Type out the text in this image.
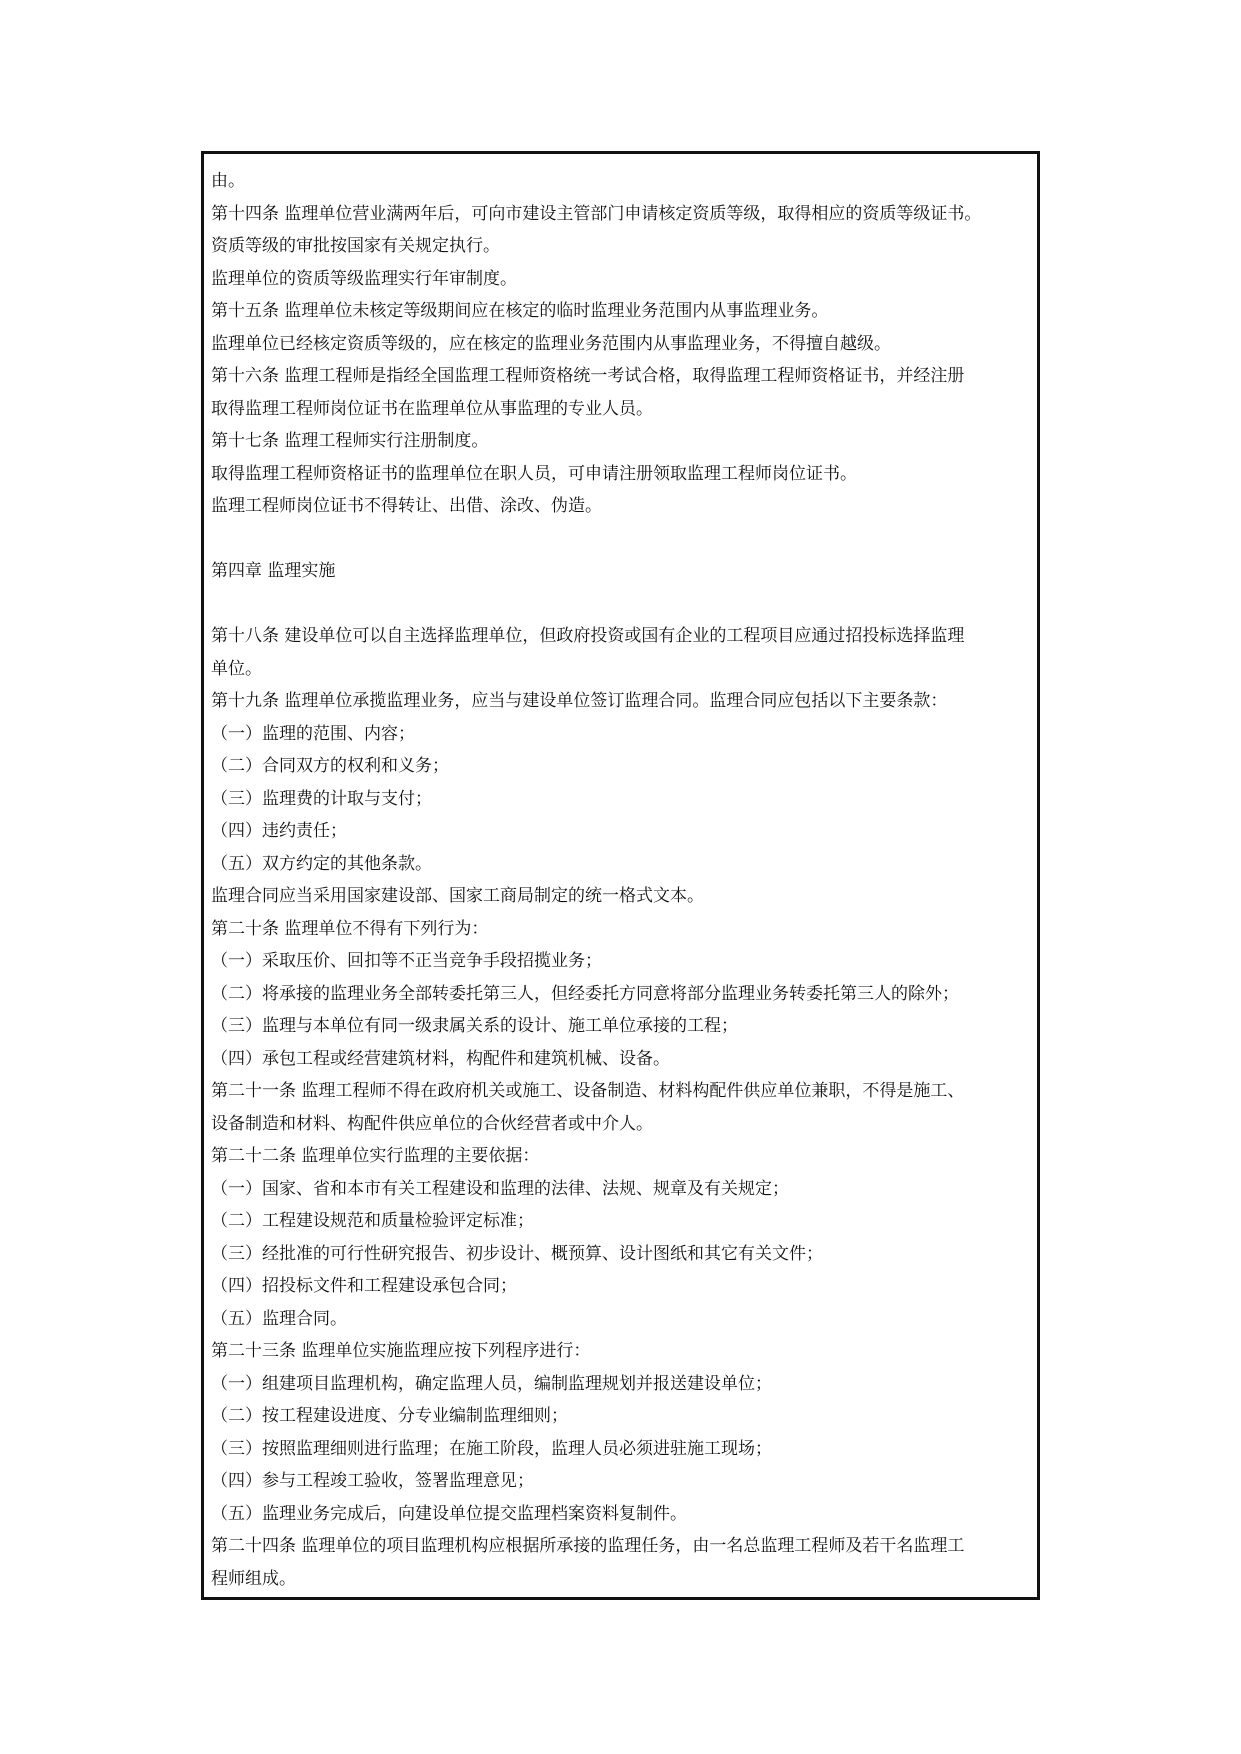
由。
第十四条 监理单位营业满两年后，可向市建设主管部门申请核定资质等级，取得相应的资质等级证书。
资质等级的审批按国家有关规定执行。
监理单位的资质等级监理实行年审制度。
第十五条 监理单位未核定等级期间应在核定的临时监理业务范围内从事监理业务。
监理单位已经核定资质等级的，应在核定的监理业务范围内从事监理业务，不得擅自越级。
第十六条 监理工程师是指经全国监理工程师资格统一考试合格，取得监理工程师资格证书，并经注册
取得监理工程师岗位证书在监理单位从事监理的专业人员。
第十七条 监理工程师实行注册制度。
取得监理工程师资格证书的监理单位在职人员，可申请注册领取监理工程师岗位证书。
监理工程师岗位证书不得转让、出借、涂改、伪造。
第四章 监理实施
第十八条 建设单位可以自主选择监理单位，但政府投资或国有企业的工程项目应通过招投标选择监理
单位。
第十九条 监理单位承揽监理业务，应当与建设单位签订监理合同。监理合同应包括以下主要条款：
（一）监理的范围、内容；
（二）合同双方的权利和义务；
（三）监理费的计取与支付；
（四）违约责任；
（五）双方约定的其他条款。
监理合同应当采用国家建设部、国家工商局制定的统一格式文本。
第二十条 监理单位不得有下列行为：
（一）采取压价、回扣等不正当竞争手段招揽业务；
（二）将承接的监理业务全部转委托第三人，但经委托方同意将部分监理业务转委托第三人的除外；
（三）监理与本单位有同一级隶属关系的设计、施工单位承接的工程；
（四）承包工程或经营建筑材料，构配件和建筑机械、设备。
第二十一条 监理工程师不得在政府机关或施工、设备制造、材料构配件供应单位兼职，不得是施工、
设备制造和材料、构配件供应单位的合伙经营者或中介人。
第二十二条 监理单位实行监理的主要依据：
（一）国家、省和本市有关工程建设和监理的法律、法规、规章及有关规定；
（二）工程建设规范和质量检验评定标准；
（三）经批准的可行性研究报告、初步设计、概预算、设计图纸和其它有关文件；
（四）招投标文件和工程建设承包合同；
（五）监理合同。
第二十三条 监理单位实施监理应按下列程序进行：
（一）组建项目监理机构，确定监理人员，编制监理规划并报送建设单位；
（二）按工程建设进度、分专业编制监理细则；
（三）按照监理细则进行监理；在施工阶段，监理人员必须进驻施工现场；
（四）参与工程竣工验收，签署监理意见；
（五）监理业务完成后，向建设单位提交监理档案资料复制件。
第二十四条 监理单位的项目监理机构应根据所承接的监理任务，由一名总监理工程师及若干名监理工
程师组成。
